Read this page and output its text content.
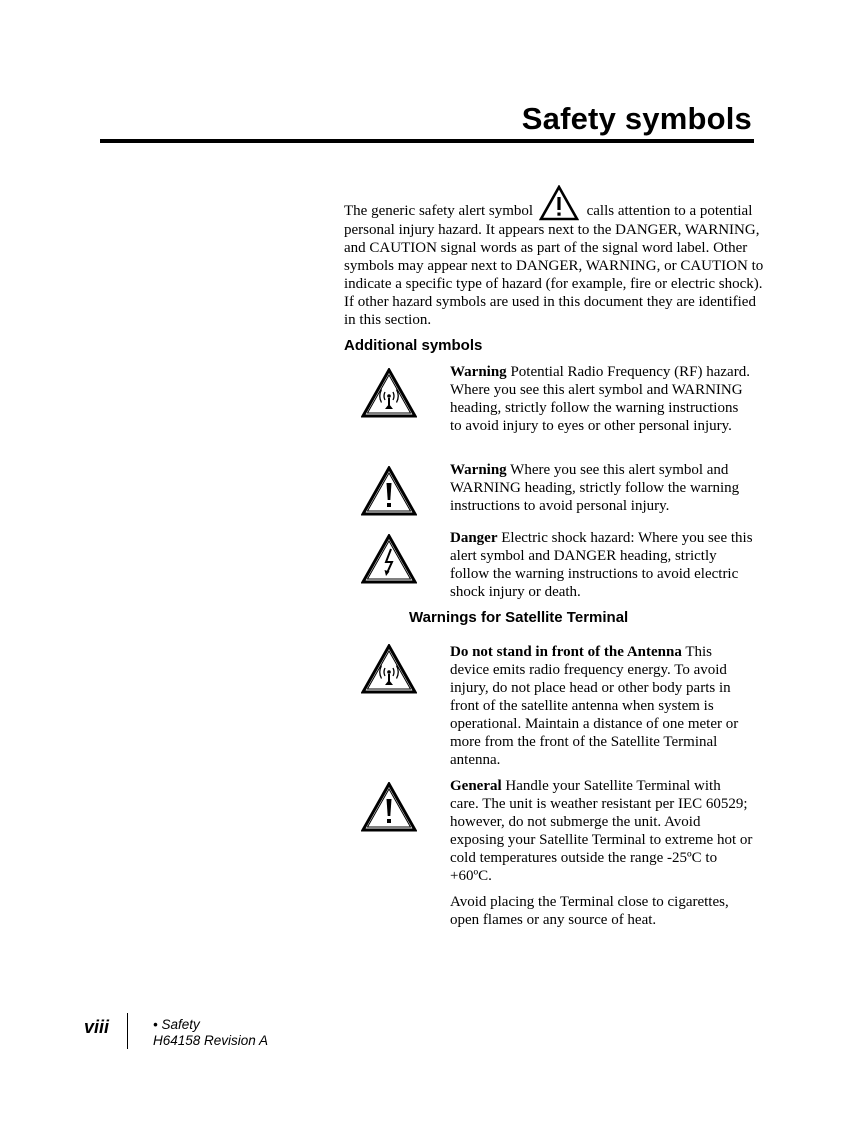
Safety symbols

The generic safety alert symbol	calls attention to a potential personal injury hazard. It appears next to the DANGER, WARNING, and CAUTION signal words as part of the signal word label. Other symbols may appear next to DANGER, WARNING, or CAUTION to indicate a specific type of hazard (for example, fire or electric shock). If other hazard symbols are used in this document they are identified in this section.

Additional symbols

Warning Potential Radio Frequency (RF) hazard. Where you see this alert symbol and WARNING heading, strictly follow the warning instructions to avoid injury to eyes or other personal injury.

Warning Where you see this alert symbol and WARNING heading, strictly follow the warning instructions to avoid personal injury.

Danger Electric shock hazard: Where you see this alert symbol and DANGER heading, strictly follow the warning instructions to avoid electric shock injury or death.

Warnings for Satellite Terminal

Do not stand in front of the Antenna This device emits radio frequency energy. To avoid injury, do not place head or other body parts in front of the satellite antenna when system is operational. Maintain a distance of one meter or more from the front of the Satellite Terminal antenna.

General Handle your Satellite Terminal with care. The unit is weather resistant per IEC 60529; however, do not submerge the unit. Avoid exposing your Satellite Terminal to extreme hot or cold temperatures outside the range -25ºC to +60ºC.

Avoid placing the Terminal close to cigarettes, open flames or any source of heat.

viii	• Safety
H64158 Revision A
